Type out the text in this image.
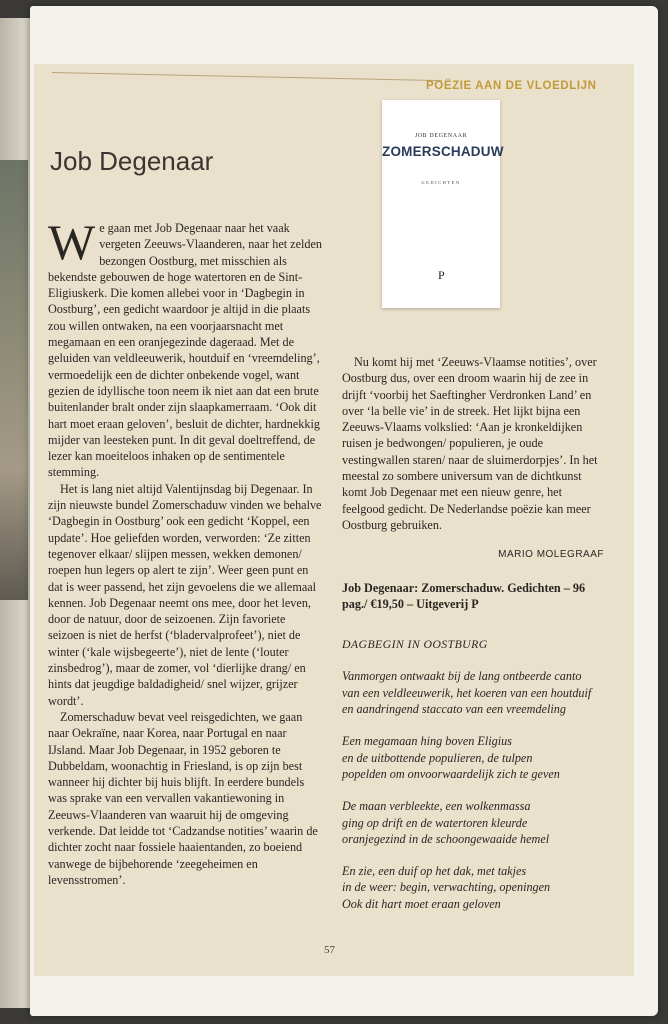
POËZIE AAN DE VLOEDLIJN
Job Degenaar
JOB DEGENAAR
ZOMERSCHADUW
GEDICHTEN
P

We gaan met Job Degenaar naar het vaak vergeten Zeeuws-Vlaanderen, naar het zelden bezongen Oostburg, met misschien als bekendste gebouwen de hoge watertoren en de Sint-Eligiuskerk. Die komen allebei voor in ‘Dagbegin in Oostburg’, een gedicht waardoor je altijd in die plaats zou willen ontwaken, na een voorjaarsnacht met megamaan en een oranjegezinde dageraad. Met de geluiden van veldleeuwerik, houtduif en ‘vreemdeling’, vermoedelijk een de dichter onbekende vogel, want gezien de idyllische toon neem ik niet aan dat een brute buitenlander bralt onder zijn slaapkamerraam. ‘Ook dit hart moet eraan geloven’, besluit de dichter, hardnekkig mijder van leesteken punt. In dit geval doeltreffend, de lezer kan moeiteloos inhaken op de sentimentele stemming.

Het is lang niet altijd Valentijnsdag bij Degenaar. In zijn nieuwste bundel Zomerschaduw vinden we behalve ‘Dagbegin in Oostburg’ ook een gedicht ‘Koppel, een update’. Hoe geliefden worden, verworden: ‘Ze zitten tegenover elkaar/ slijpen messen, wekken demonen/ roepen hun legers op alert te zijn’. Weer geen punt en dat is weer passend, het zijn gevoelens die we allemaal kennen. Job Degenaar neemt ons mee, door het leven, door de natuur, door de seizoenen. Zijn favoriete seizoen is niet de herfst (‘bladervalprofeet’), niet de winter (‘kale wijsbegeerte’), niet de lente (‘louter zinsbedrog’), maar de zomer, vol ‘dierlijke drang/ en hints dat jeugdige baldadigheid/ snel wijzer, grijzer wordt’.

Zomerschaduw bevat veel reisgedichten, we gaan naar Oekraïne, naar Korea, naar Portugal en naar IJsland. Maar Job Degenaar, in 1952 geboren te Dubbeldam, woonachtig in Friesland, is op zijn best wanneer hij dichter bij huis blijft. In eerdere bundels was sprake van een vervallen vakantiewoning in Zeeuws-Vlaanderen van waaruit hij de omgeving verkende. Dat leidde tot ‘Cadzandse notities’ waarin de dichter zocht naar fossiele haaientanden, zo boeiend vanwege de bijbehorende ‘zeegeheimen en levensstromen’.

Nu komt hij met ‘Zeeuws-Vlaamse notities’, over Oostburg dus, over een droom waarin hij de zee in drijft ‘voorbij het Saeftingher Verdronken Land’ en over ‘la belle vie’ in de streek. Het lijkt bijna een Zeeuws-Vlaams volkslied: ‘Aan je kronkeldijken ruisen je bedwongen/ populieren, je oude vestingwallen staren/ naar de sluimerdorpjes’. In het meestal zo sombere universum van de dichtkunst komt Job Degenaar met een nieuw genre, het feelgood gedicht. De Nederlandse poëzie kan meer Oostburg gebruiken.

MARIO MOLEGRAAF
Job Degenaar: Zomerschaduw. Gedichten – 96 pag./ €19,50 – Uitgeverij P
DAGBEGIN IN OOSTBURG
Vanmorgen ontwaakt bij de lang ontbeerde canto
van een veldleeuwerik, het koeren van een houtduif
en aandringend staccato van een vreemdeling
Een megamaan hing boven Eligius
en de uitbottende populieren, de tulpen
popelden om onvoorwaardelijk zich te geven
De maan verbleekte, een wolkenmassa
ging op drift en de watertoren kleurde
oranjegezind in de schoongewaaide hemel
En zie, een duif op het dak, met takjes
in de weer: begin, verwachting, openingen
Ook dit hart moet eraan geloven
57
